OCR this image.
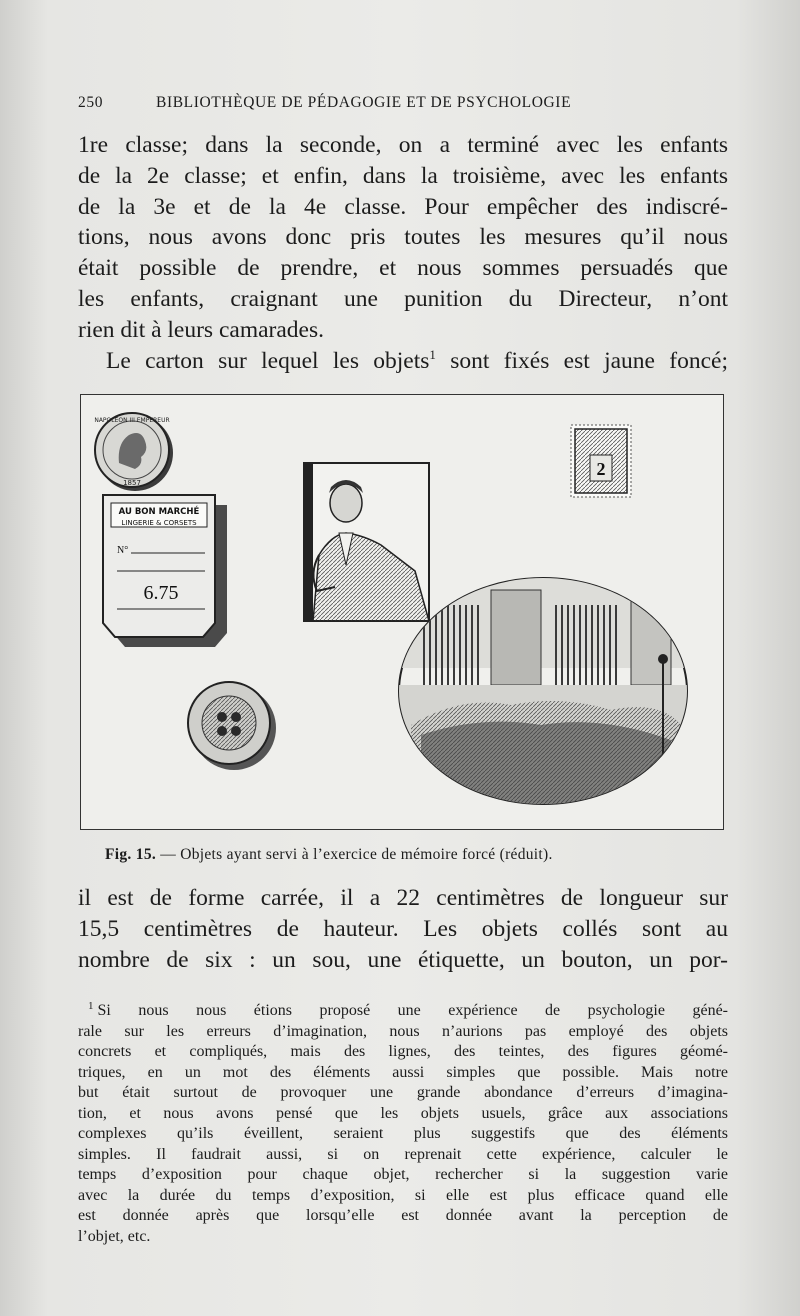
250	BIBLIOTHÈQUE DE PÉDAGOGIE ET DE PSYCHOLOGIE
1re classe; dans la seconde, on a terminé avec les enfants
de la 2e classe; et enfin, dans la troisième, avec les enfants
de la 3e et de la 4e classe. Pour empêcher des indiscré-
tions, nous avons donc pris toutes les mesures qu’il nous
était possible de prendre, et nous sommes persuadés que
les enfants, craignant une punition du Directeur, n’ont
rien dit à leurs camarades.
Le carton sur lequel les objets$^1$ sont fixés est jaune foncé;
1857
NAPOLEON III EMPEREUR
AU BON MARCHÉ
LINGERIE & CORSETS
N°
6.75
2
Fig. 15. — Objets ayant servi à l’exercice de mémoire forcé (réduit).
il est de forme carrée, il a 22 centimètres de longueur sur
15,5 centimètres de hauteur. Les objets collés sont au
nombre de six : un sou, une étiquette, un bouton, un por-
$^1$ Si nous nous étions proposé une expérience de psychologie géné-
rale sur les erreurs d’imagination, nous n’aurions pas employé des objets
concrets et compliqués, mais des lignes, des teintes, des figures géomé-
triques, en un mot des éléments aussi simples que possible. Mais notre
but était surtout de provoquer une grande abondance d’erreurs d’imagina-
tion, et nous avons pensé que les objets usuels, grâce aux associations
complexes qu’ils éveillent, seraient plus suggestifs que des éléments
simples. Il faudrait aussi, si on reprenait cette expérience, calculer le
temps d’exposition pour chaque objet, rechercher si la suggestion varie
avec la durée du temps d’exposition, si elle est plus efficace quand elle
est donnée après que lorsqu’elle est donnée avant la perception de
l’objet, etc.
